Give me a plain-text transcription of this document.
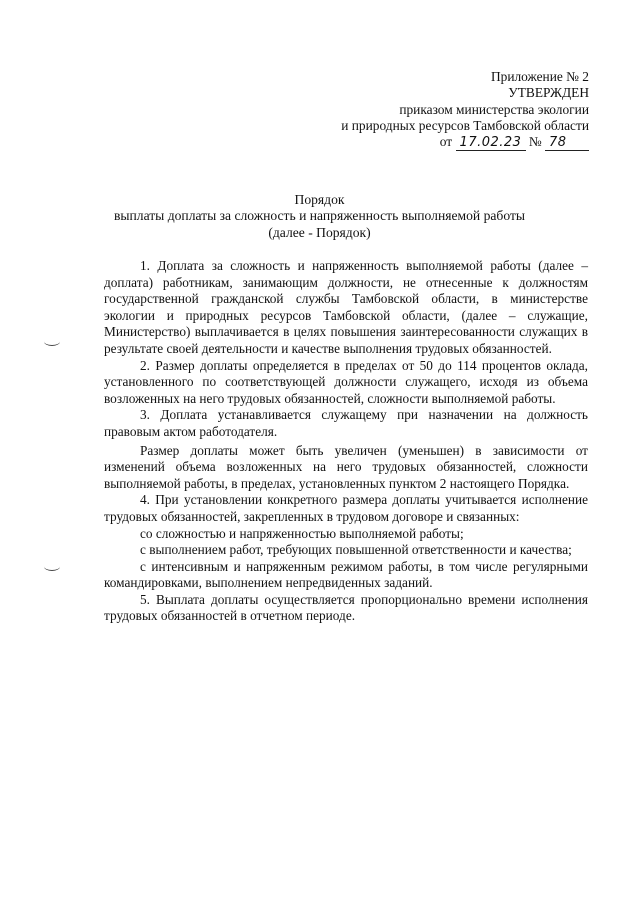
Приложение № 2
УТВЕРЖДЕН
приказом министерства экологии
и природных ресурсов Тамбовской области
от 17.02.23 № 78
Порядок
выплаты доплаты за сложность и напряженность выполняемой работы
(далее - Порядок)

1. Доплата за сложность и напряженность выполняемой работы (далее – доплата) работникам, занимающим должности, не отнесенные к должностям государственной гражданской службы Тамбовской области, в министерстве экологии и природных ресурсов Тамбовской области, (далее – служащие, Министерство) выплачивается в целях повышения заинтересованности служащих в результате своей деятельности и качестве выполнения трудовых обязанностей.

2. Размер доплаты определяется в пределах от 50 до 114 процентов оклада, установленного по соответствующей должности служащего, исходя из объема возложенных на него трудовых обязанностей, сложности выполняемой работы.

3. Доплата устанавливается служащему при назначении на должность правовым актом работодателя.

Размер доплаты может быть увеличен (уменьшен) в зависимости от изменений объема возложенных на него трудовых обязанностей, сложности выполняемой работы, в пределах, установленных пунктом 2 настоящего Порядка.

4. При установлении конкретного размера доплаты учитывается исполнение трудовых обязанностей, закрепленных в трудовом договоре и связанных:

со сложностью и напряженностью выполняемой работы;

с выполнением работ, требующих повышенной ответственности и качества;

с интенсивным и напряженным режимом работы, в том числе регулярными командировками, выполнением непредвиденных заданий.

5. Выплата доплаты осуществляется пропорционально времени исполнения трудовых обязанностей в отчетном периоде.
